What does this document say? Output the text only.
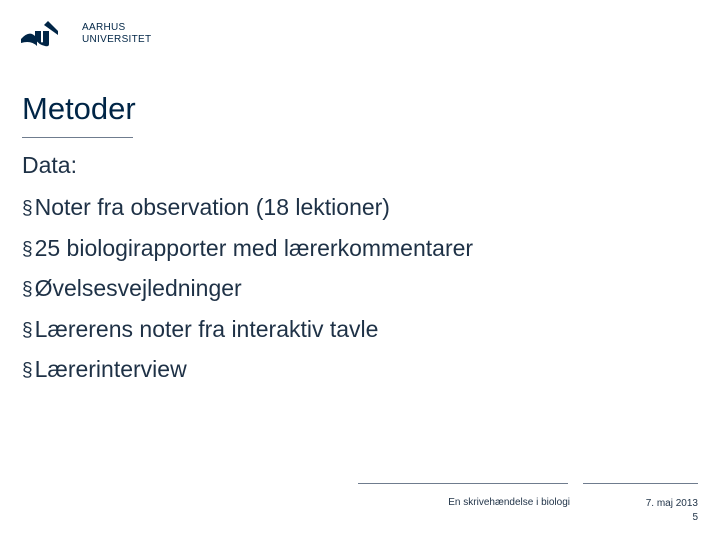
AARHUS
UNIVERSITET
Metoder
Data:
§Noter fra observation (18 lektioner)
§25 biologirapporter med lærerkommentarer
§Øvelsesvejledninger
§Lærerens noter fra interaktiv tavle
§Lærerinterview
En skrivehændelse i biologi	7. maj 2013
5
